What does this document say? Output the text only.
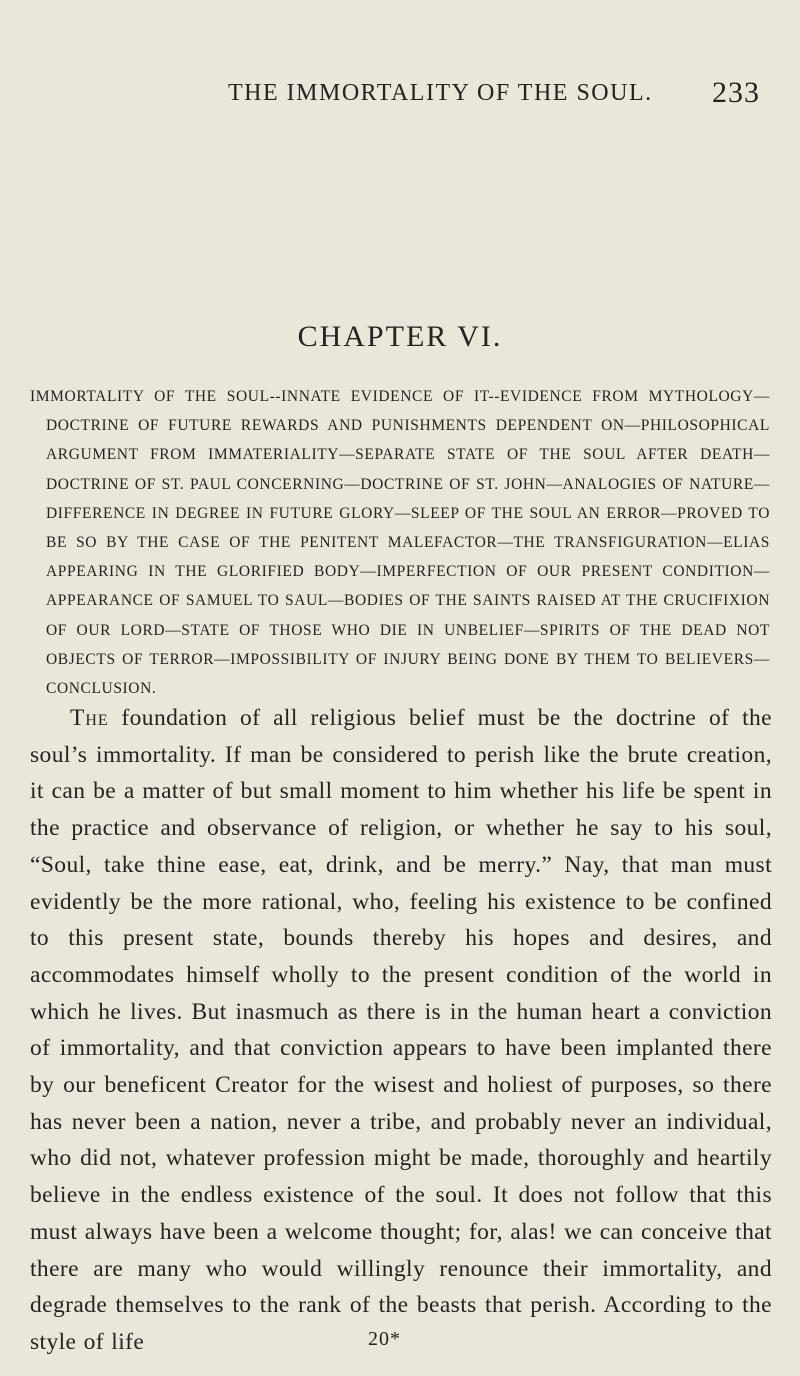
THE IMMORTALITY OF THE SOUL. 233
CHAPTER VI.
IMMORTALITY OF THE SOUL--INNATE EVIDENCE OF IT--EVIDENCE FROM MYTHOLOGY—DOCTRINE OF FUTURE REWARDS AND PUNISHMENTS DEPENDENT ON—PHILOSOPHICAL ARGUMENT FROM IMMATERIALITY—SEPARATE STATE OF THE SOUL AFTER DEATH—DOCTRINE OF ST. PAUL CONCERNING—DOCTRINE OF ST. JOHN—ANALOGIES OF NATURE—DIFFERENCE IN DEGREE IN FUTURE GLORY—SLEEP OF THE SOUL AN ERROR—PROVED TO BE SO BY THE CASE OF THE PENITENT MALEFACTOR—THE TRANSFIGURATION—ELIAS APPEARING IN THE GLORIFIED BODY—IMPERFECTION OF OUR PRESENT CONDITION—APPEARANCE OF SAMUEL TO SAUL—BODIES OF THE SAINTS RAISED AT THE CRUCIFIXION OF OUR LORD—STATE OF THOSE WHO DIE IN UNBELIEF—SPIRITS OF THE DEAD NOT OBJECTS OF TERROR—IMPOSSIBILITY OF INJURY BEING DONE BY THEM TO BELIEVERS—CONCLUSION.
The foundation of all religious belief must be the doctrine of the soul’s immortality. If man be considered to perish like the brute creation, it can be a matter of but small moment to him whether his life be spent in the practice and observance of religion, or whether he say to his soul, “Soul, take thine ease, eat, drink, and be merry.” Nay, that man must evidently be the more rational, who, feeling his existence to be confined to this present state, bounds thereby his hopes and desires, and accommodates himself wholly to the present condition of the world in which he lives. But inasmuch as there is in the human heart a conviction of immortality, and that conviction appears to have been implanted there by our beneficent Creator for the wisest and holiest of purposes, so there has never been a nation, never a tribe, and probably never an individual, who did not, whatever profession might be made, thoroughly and heartily believe in the endless existence of the soul. It does not follow that this must always have been a welcome thought; for, alas! we can conceive that there are many who would willingly renounce their immortality, and degrade themselves to the rank of the beasts that perish. According to the style of life	20*
